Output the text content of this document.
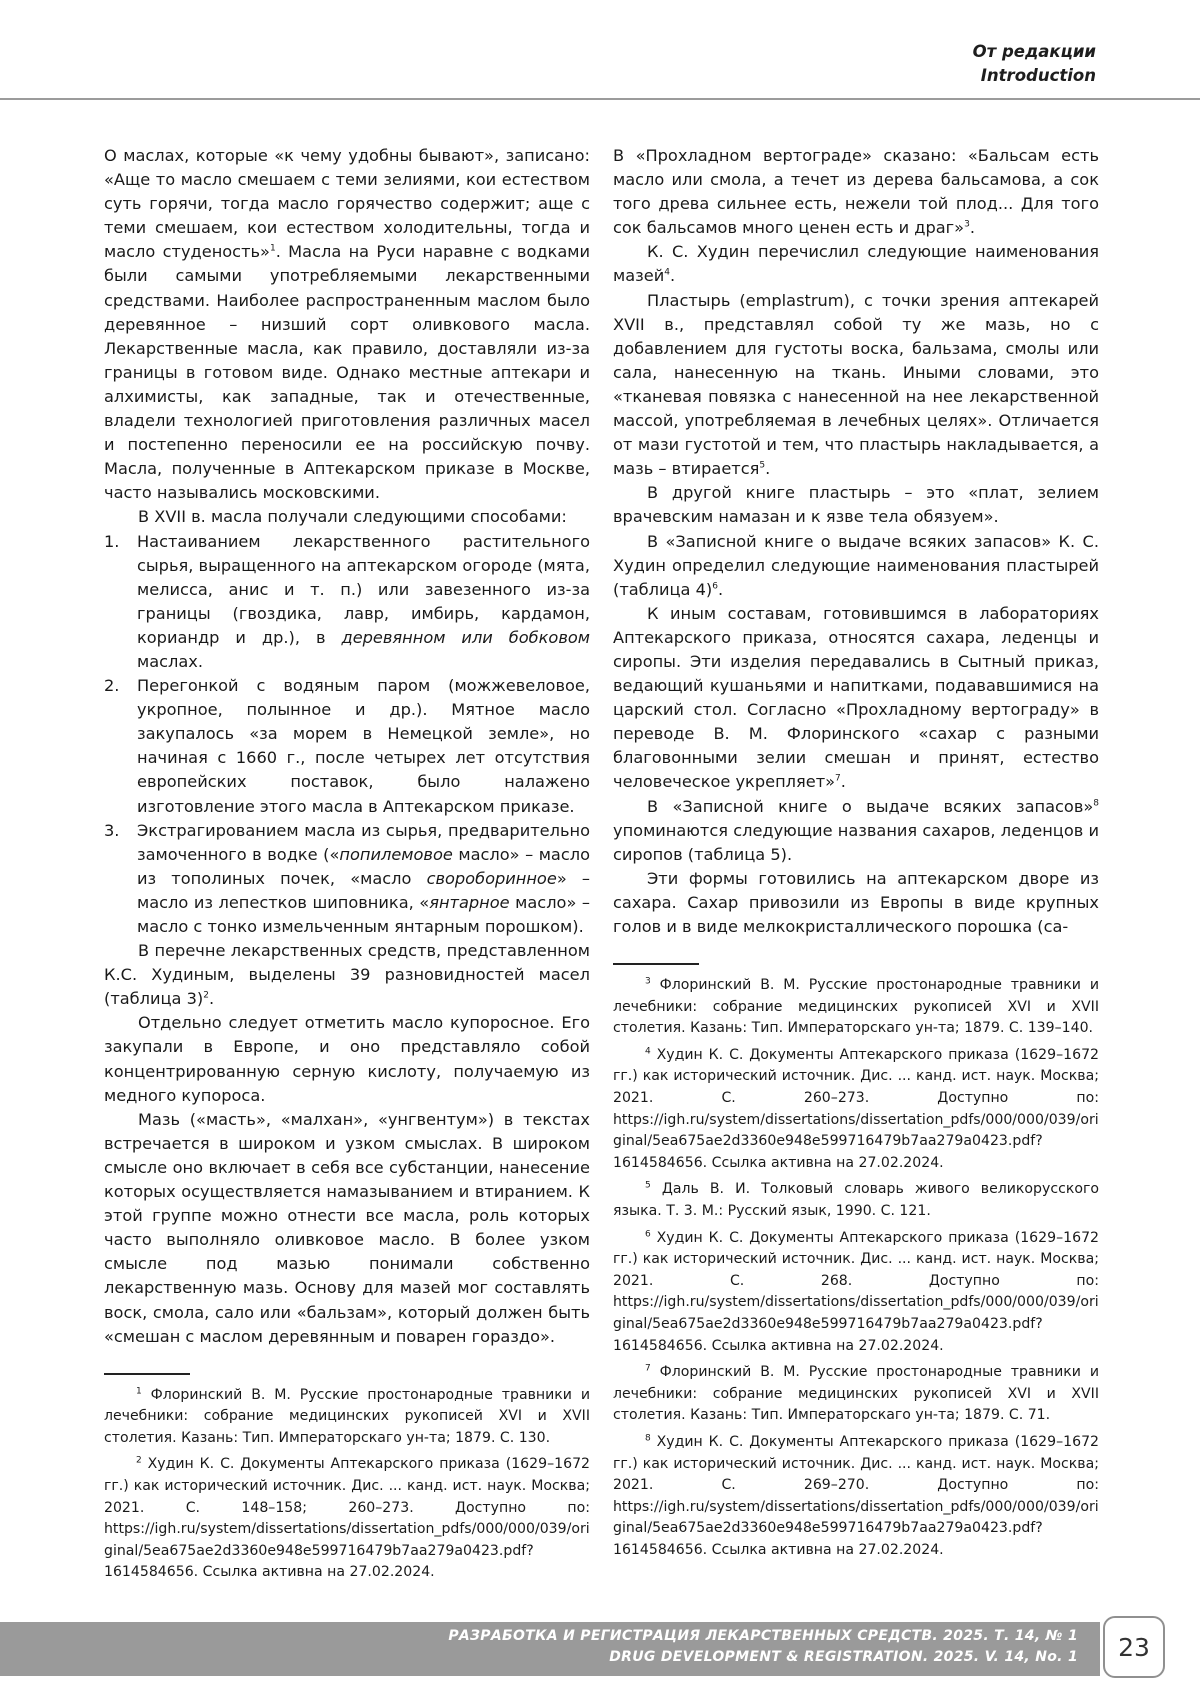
От редакции
Introduction

О маслах, которые «к чему удобны бывают», записано: «Аще то масло смешаем с теми зелиями, кои естеством суть горячи, тогда масло горячество содержит; аще с теми смешаем, кои естеством холодительны, тогда и масло студеность»$^1$. Масла на Руси наравне с водками были самыми употребляемыми лекарственными средствами. Наиболее распространенным маслом было деревянное – низший сорт оливкового масла. Лекарственные масла, как правило, доставляли из-за границы в готовом виде. Однако местные аптекари и алхимисты, как западные, так и отечественные, владели технологией приготовления различных масел и постепенно переносили ее на российскую почву. Масла, полученные в Аптекарском приказе в Москве, часто назывались московскими.

В XVII в. масла получали следующими способами:

1.	Настаиванием лекарственного растительного сырья, выращенного на аптекарском огороде (мята, мелисса, анис и т. п.) или завезенного из-за границы (гвоздика, лавр, имбирь, кардамон, кориандр и др.), в деревянном или бобковом маслах.
2.	Перегонкой с водяным паром (можжевеловое, укропное, полынное и др.). Мятное масло закупалось «за морем в Немецкой земле», но начиная с 1660 г., после четырех лет отсутствия европейских поставок, было налажено изготовление этого масла в Аптекарском приказе.
3.	Экстрагированием масла из сырья, предварительно замоченного в водке («попилемовое масло» – масло из тополиных почек, «масло свороборинное» – масло из лепестков шиповника, «янтарное масло» – масло с тонко измельченным янтарным порошком).

В перечне лекарственных средств, представленном К.С. Худиным, выделены 39 разновидностей масел (таблица 3)$^2$.

Отдельно следует отметить масло купоросное. Его закупали в Европе, и оно представляло собой концентрированную серную кислоту, получаемую из медного купороса.

Мазь («масть», «малхан», «унгвентум») в текстах встречается в широком и узком смыслах. В широком смысле оно включает в себя все субстанции, нанесение которых осуществляется намазыванием и втиранием. К этой группе можно отнести все масла, роль которых часто выполняло оливковое масло. В более узком смысле под мазью понимали собственно лекарственную мазь. Основу для мазей мог составлять воск, смола, сало или «бальзам», который должен быть «смешан с маслом деревянным и поварен гораздо».

$^1$ Флоринский В. М. Русские простонародные травники и лечебники: собрание медицинских рукописей XVI и XVII столетия. Казань: Тип. Императорскаго ун-та; 1879. С. 130.

$^2$ Худин К. С. Документы Аптекарского приказа (1629–1672 гг.) как исторический источник. Дис. ... канд. ист. наук. Москва; 2021. С. 148–158; 260–273. Доступно по: https://igh.ru/system/dissertations/dissertation_pdfs/000/000/039/original/5ea675ae2d3360e948e599716479b7aa279a0423.pdf?1614584656. Ссылка активна на 27.02.2024.

В «Прохладном вертограде» сказано: «Бальсам есть масло или смола, а течет из дерева бальсамова, а сок того древа сильнее есть, нежели той плод... Для того сок бальсамов много ценен есть и драг»$^3$.

К. С. Худин перечислил следующие наименования мазей$^4$.

Пластырь (emplastrum), с точки зрения аптекарей XVII в., представлял собой ту же мазь, но с добавлением для густоты воска, бальзама, смолы или сала, нанесенную на ткань. Иными словами, это «тканевая повязка с нанесенной на нее лекарственной массой, употребляемая в лечебных целях». Отличается от мази густотой и тем, что пластырь накладывается, а мазь – втирается$^5$.

В другой книге пластырь – это «плат, зелием врачевским намазан и к язве тела обязуем».

В «Записной книге о выдаче всяких запасов» К. С. Худин определил следующие наименования пластырей (таблица 4)$^6$.

К иным составам, готовившимся в лабораториях Аптекарского приказа, относятся сахара, леденцы и сиропы. Эти изделия передавались в Сытный приказ, ведающий кушаньями и напитками, подававшимися на царский стол. Согласно «Прохладному вертограду» в переводе В. М. Флоринского «сахар с разными благовонными зелии смешан и принят, естество человеческое укрепляет»$^7$.

В «Записной книге о выдаче всяких запасов»$^8$ упоминаются следующие названия сахаров, леденцов и сиропов (таблица 5).

Эти формы готовились на аптекарском дворе из сахара. Сахар привозили из Европы в виде крупных голов и в виде мелкокристаллического порошка (са-

$^3$ Флоринский В. М. Русские простонародные травники и лечебники: собрание медицинских рукописей XVI и XVII столетия. Казань: Тип. Императорскаго ун-та; 1879. С. 139–140.

$^4$ Худин К. С. Документы Аптекарского приказа (1629–1672 гг.) как исторический источник. Дис. ... канд. ист. наук. Москва; 2021. С. 260–273. Доступно по: https://igh.ru/system/dissertations/dissertation_pdfs/000/000/039/original/5ea675ae2d3360e948e599716479b7aa279a0423.pdf?1614584656. Ссылка активна на 27.02.2024.

$^5$ Даль В. И. Толковый словарь живого великорусского языка. Т. 3. М.: Русский язык, 1990. С. 121.

$^6$ Худин К. С. Документы Аптекарского приказа (1629–1672 гг.) как исторический источник. Дис. ... канд. ист. наук. Москва; 2021. С. 268. Доступно по: https://igh.ru/system/dissertations/dissertation_pdfs/000/000/039/original/5ea675ae2d3360e948e599716479b7aa279a0423.pdf?1614584656. Ссылка активна на 27.02.2024.

$^7$ Флоринский В. М. Русские простонародные травники и лечебники: собрание медицинских рукописей XVI и XVII столетия. Казань: Тип. Императорскаго ун-та; 1879. С. 71.

$^8$ Худин К. С. Документы Аптекарского приказа (1629–1672 гг.) как исторический источник. Дис. ... канд. ист. наук. Москва; 2021. С. 269–270. Доступно по: https://igh.ru/system/dissertations/dissertation_pdfs/000/000/039/original/5ea675ae2d3360e948e599716479b7aa279a0423.pdf?1614584656. Ссылка активна на 27.02.2024.

РАЗРАБОТКА И РЕГИСТРАЦИЯ ЛЕКАРСТВЕННЫХ СРЕДСТВ. 2025. Т. 14, № 1
DRUG DEVELOPMENT & REGISTRATION. 2025. V. 14, No. 1	23
